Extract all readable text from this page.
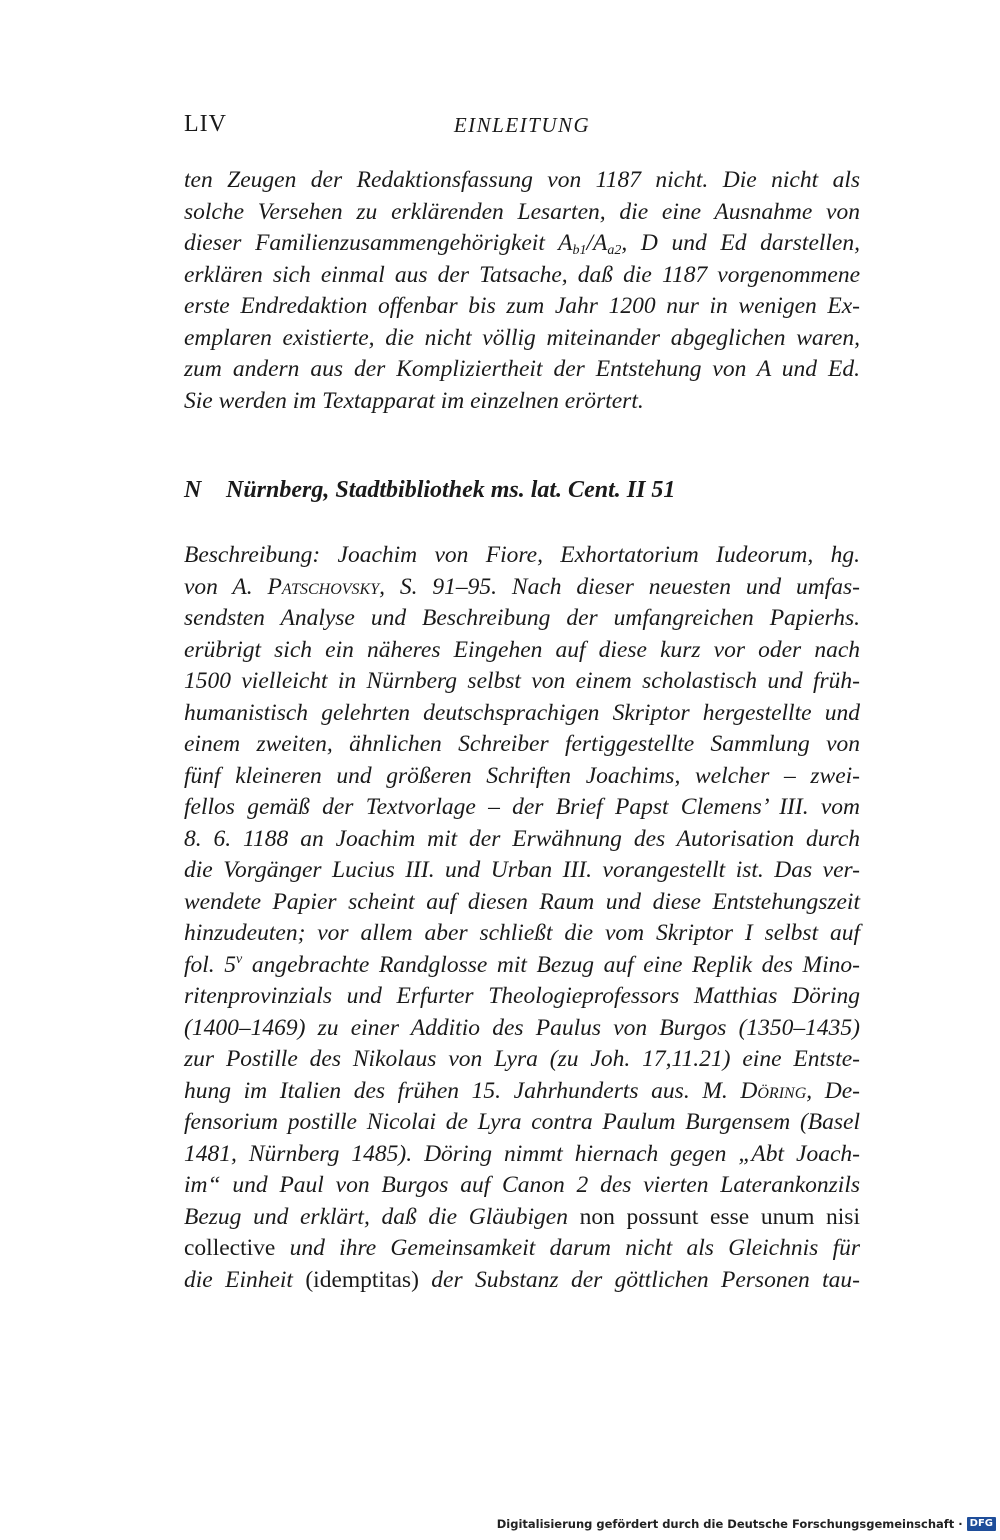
LIV	EINLEITUNG
ten Zeugen der Redaktionsfassung von 1187 nicht. Die nicht als
solche Versehen zu erklärenden Lesarten, die eine Ausnahme von
dieser Familienzusammengehörigkeit $A_{b1}/A_{a2}$, D und Ed darstellen,
erklären sich einmal aus der Tatsache, daß die 1187 vorgenommene
erste Endredaktion offenbar bis zum Jahr 1200 nur in wenigen Ex-
emplaren existierte, die nicht völlig miteinander abgeglichen waren,
zum andern aus der Kompliziertheit der Entstehung von A und Ed.
Sie werden im Textapparat im einzelnen erörtert.
N Nürnberg, Stadtbibliothek ms. lat. Cent. II 51
Beschreibung: Joachim von Fiore, Exhortatorium Iudeorum, hg.
von A. Patschovsky, S. 91–95. Nach dieser neuesten und umfas-
sendsten Analyse und Beschreibung der umfangreichen Papierhs.
erübrigt sich ein näheres Eingehen auf diese kurz vor oder nach
1500 vielleicht in Nürnberg selbst von einem scholastisch und früh-
humanistisch gelehrten deutschsprachigen Skriptor hergestellte und
einem zweiten, ähnlichen Schreiber fertiggestellte Sammlung von
fünf kleineren und größeren Schriften Joachims, welcher – zwei-
fellos gemäß der Textvorlage – der Brief Papst Clemens’ III. vom
8. 6. 1188 an Joachim mit der Erwähnung des Autorisation durch
die Vorgänger Lucius III. und Urban III. vorangestellt ist. Das ver-
wendete Papier scheint auf diesen Raum und diese Entstehungszeit
hinzudeuten; vor allem aber schließt die vom Skriptor I selbst auf
fol. 5$^v$ angebrachte Randglosse mit Bezug auf eine Replik des Mino-
ritenprovinzials und Erfurter Theologieprofessors Matthias Döring
(1400–1469) zu einer Additio des Paulus von Burgos (1350–1435)
zur Postille des Nikolaus von Lyra (zu Joh. 17,11.21) eine Entste-
hung im Italien des frühen 15. Jahrhunderts aus. M. Döring, De-
fensorium postille Nicolai de Lyra contra Paulum Burgensem (Basel
1481, Nürnberg 1485). Döring nimmt hiernach gegen „Abt Joach-
im“ und Paul von Burgos auf Canon 2 des vierten Laterankonzils
Bezug und erklärt, daß die Gläubigen non possunt esse unum nisi
collective und ihre Gemeinsamkeit darum nicht als Gleichnis für
die Einheit (idemptitas) der Substanz der göttlichen Personen tau-
Digitalisierung gefördert durch die Deutsche Forschungsgemeinschaft · DFG
